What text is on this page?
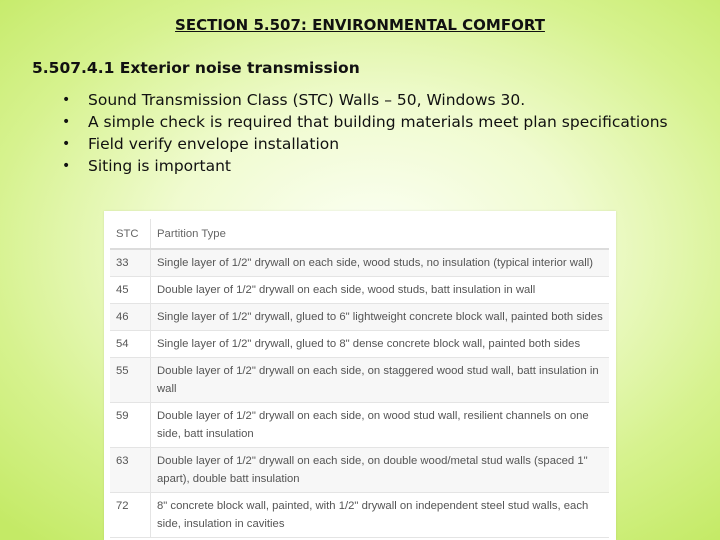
SECTION 5.507: ENVIRONMENTAL COMFORT
5.507.4.1 Exterior noise transmission
•	Sound Transmission Class (STC) Walls – 50, Windows 30.
•	A simple check is required that building materials meet plan specifications
•	Field verify envelope installation
•	Siting is important
STC	Partition Type
33	Single layer of 1/2" drywall on each side, wood studs, no insulation (typical interior wall)
45	Double layer of 1/2" drywall on each side, wood studs, batt insulation in wall
46	Single layer of 1/2" drywall, glued to 6" lightweight concrete block wall, painted both sides
54	Single layer of 1/2" drywall, glued to 8" dense concrete block wall, painted both sides
55	Double layer of 1/2" drywall on each side, on staggered wood stud wall, batt insulation in wall
59	Double layer of 1/2" drywall on each side, on wood stud wall, resilient channels on one side, batt insulation
63	Double layer of 1/2" drywall on each side, on double wood/metal stud walls (spaced 1" apart), double batt insulation
72	8" concrete block wall, painted, with 1/2" drywall on independent steel stud walls, each side, insulation in cavities
